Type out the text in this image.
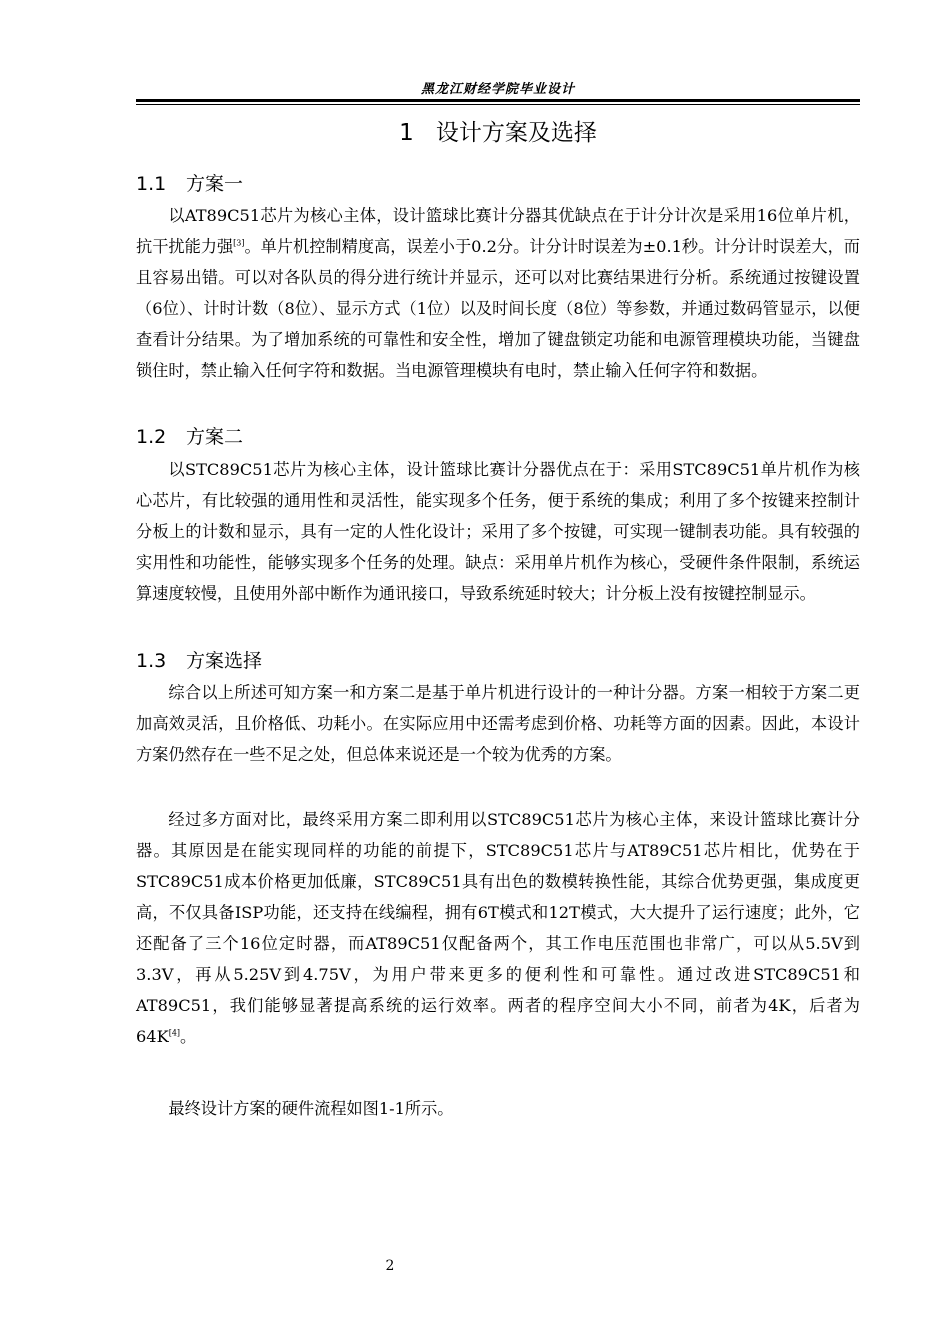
黑龙江财经学院毕业设计
1 设计方案及选择
1.1 方案一

以AT89C51芯片为核心主体，设计篮球比赛计分器其优缺点在于计分计次是采用16位单片机，抗干扰能力强[3]。单片机控制精度高，误差小于0.2分。计分计时误差为±0.1秒。计分计时误差大，而且容易出错。可以对各队员的得分进行统计并显示，还可以对比赛结果进行分析。系统通过按键设置（6位）、计时计数（8位）、显示方式（1位）以及时间长度（8位）等参数，并通过数码管显示，以便查看计分结果。为了增加系统的可靠性和安全性，增加了键盘锁定功能和电源管理模块功能，当键盘锁住时，禁止输入任何字符和数据。当电源管理模块有电时，禁止输入任何字符和数据。

1.2 方案二

以STC89C51芯片为核心主体，设计篮球比赛计分器优点在于：采用STC89C51单片机作为核心芯片，有比较强的通用性和灵活性，能实现多个任务，便于系统的集成；利用了多个按键来控制计分板上的计数和显示，具有一定的人性化设计；采用了多个按键，可实现一键制表功能。具有较强的实用性和功能性，能够实现多个任务的处理。缺点：采用单片机作为核心，受硬件条件限制，系统运算速度较慢，且使用外部中断作为通讯接口，导致系统延时较大；计分板上没有按键控制显示。

1.3 方案选择

综合以上所述可知方案一和方案二是基于单片机进行设计的一种计分器。方案一相较于方案二更加高效灵活，且价格低、功耗小。在实际应用中还需考虑到价格、功耗等方面的因素。因此，本设计方案仍然存在一些不足之处，但总体来说还是一个较为优秀的方案。

经过多方面对比，最终采用方案二即利用以STC89C51芯片为核心主体，来设计篮球比赛计分器。其原因是在能实现同样的功能的前提下，STC89C51芯片与AT89C51芯片相比，优势在于STC89C51成本价格更加低廉，STC89C51具有出色的数模转换性能，其综合优势更强，集成度更高，不仅具备ISP功能，还支持在线编程，拥有6T模式和12T模式，大大提升了运行速度；此外，它还配备了三个16位定时器，而AT89C51仅配备两个，其工作电压范围也非常广，可以从5.5V到3.3V，再从5.25V到4.75V，为用户带来更多的便利性和可靠性。通过改进STC89C51和AT89C51，我们能够显著提高系统的运行效率。两者的程序空间大小不同，前者为4K，后者为64K[4]。

最终设计方案的硬件流程如图1-1所示。

2
